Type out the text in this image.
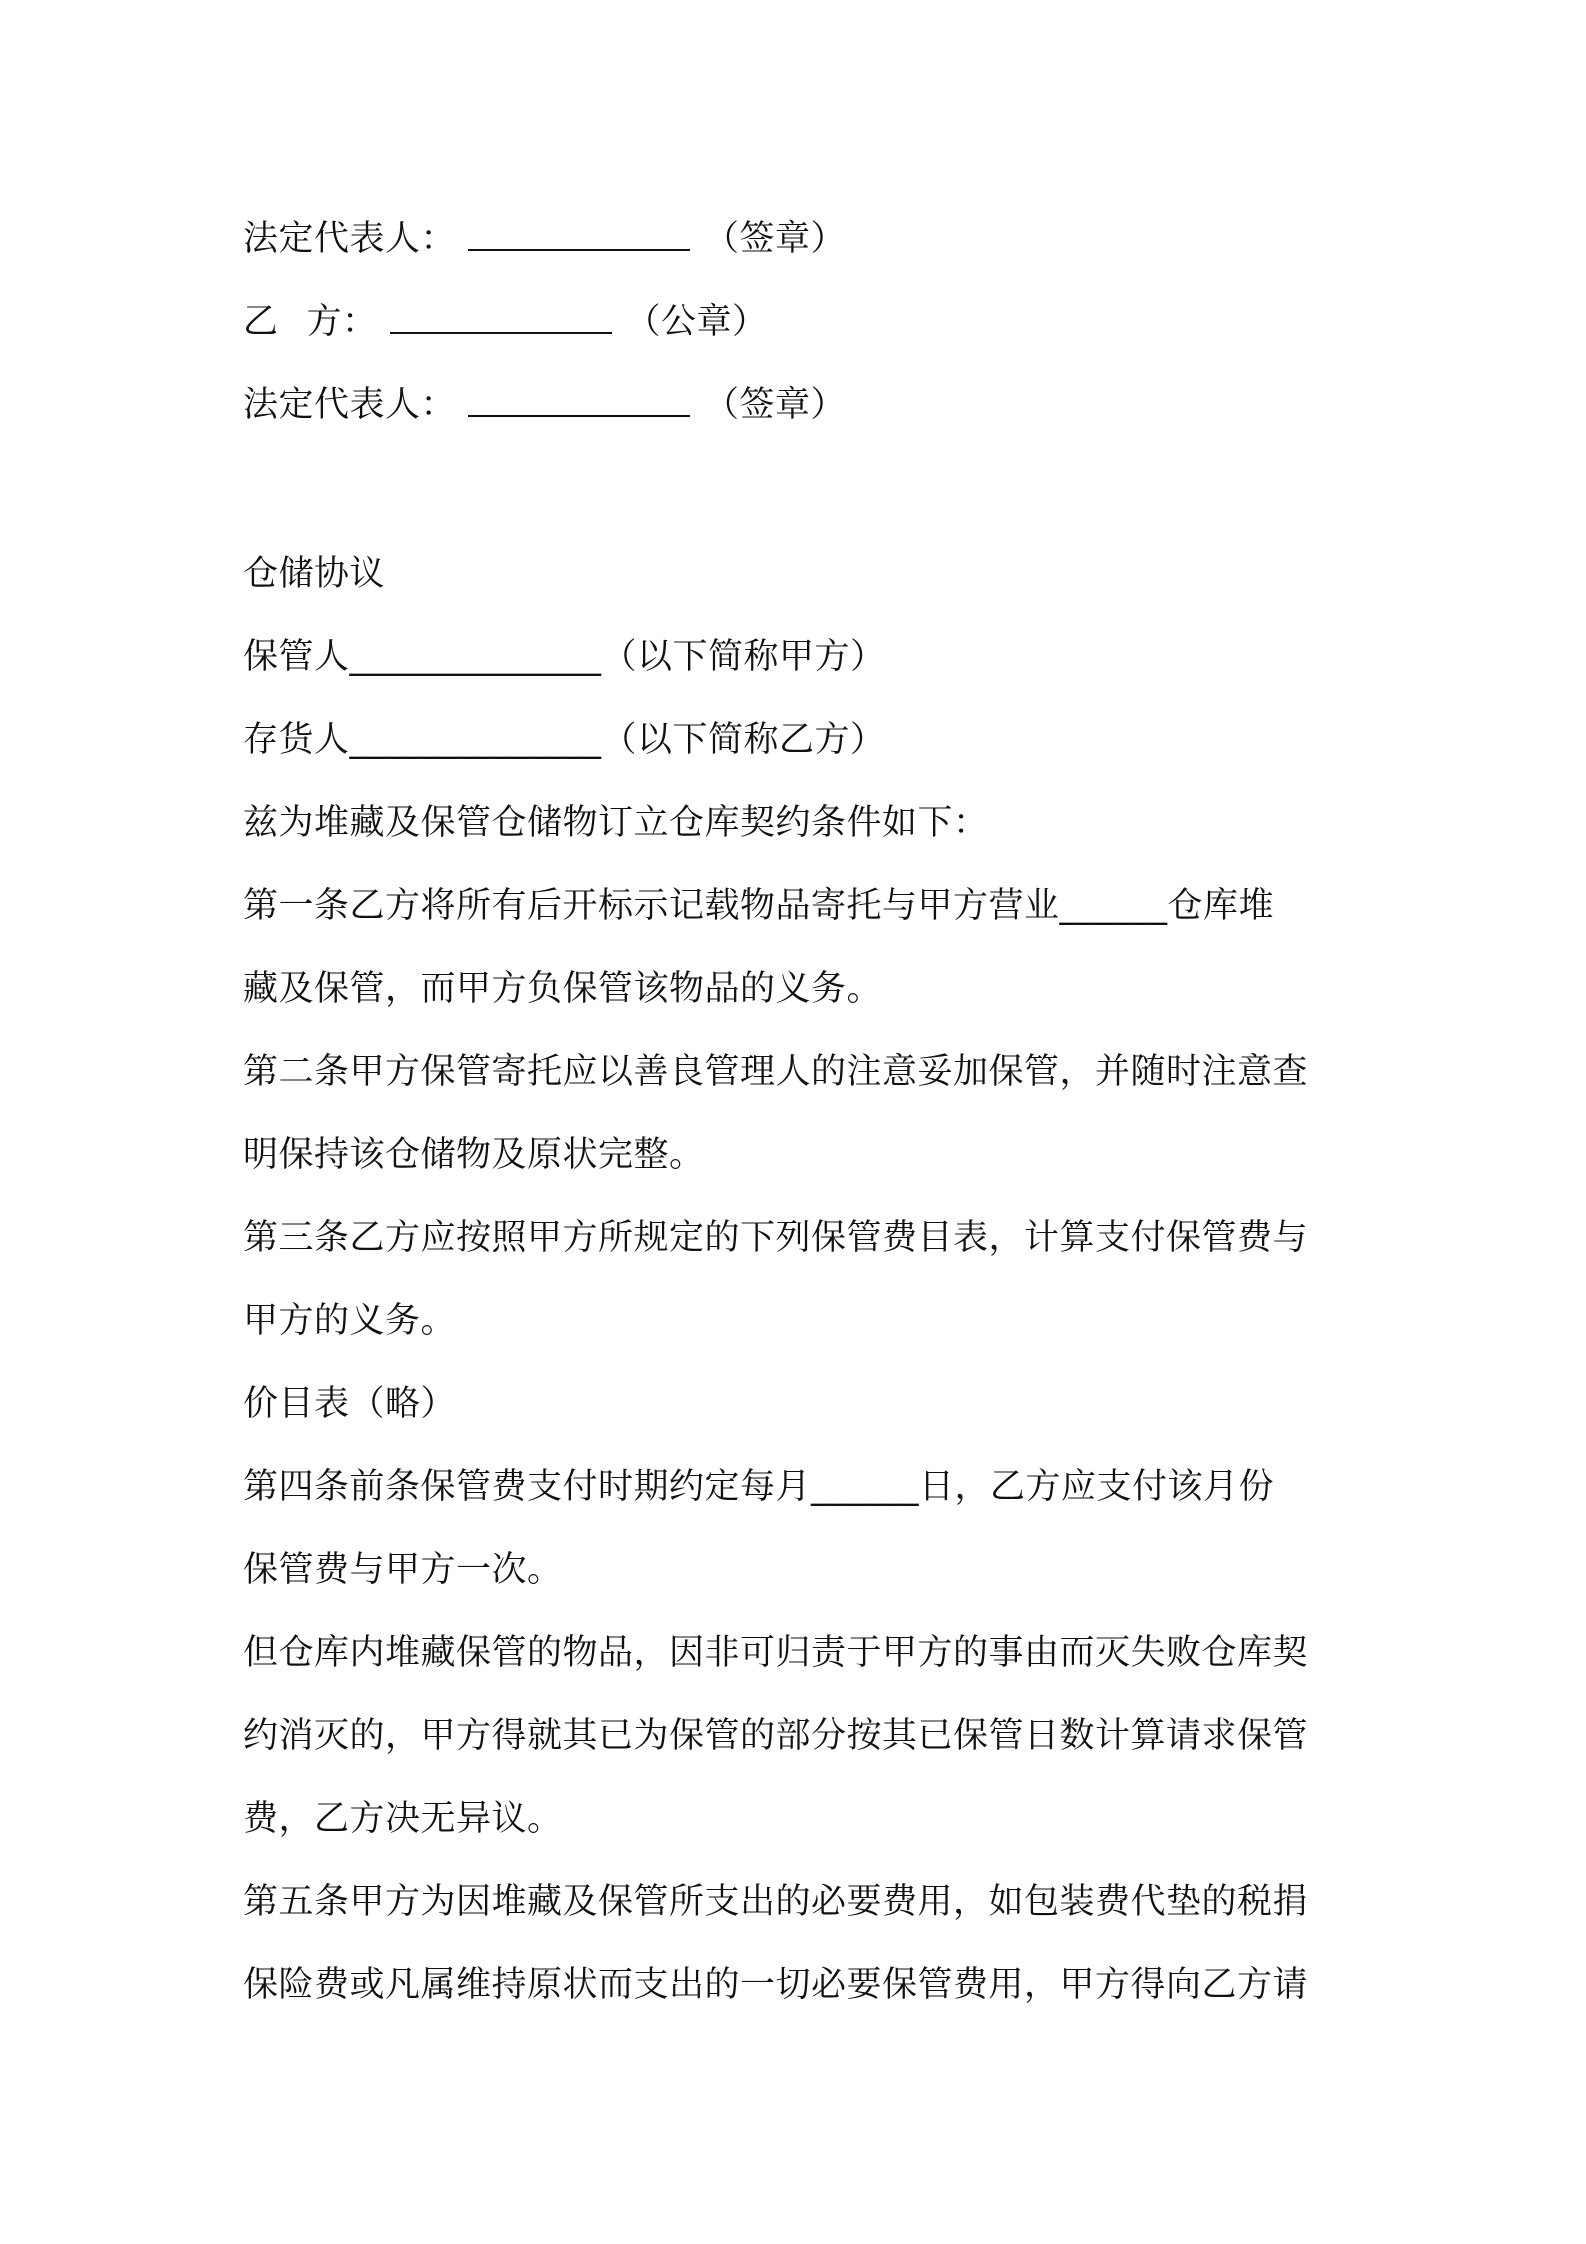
法定代表人：	（签章）
乙 方：	（公章）
法定代表人：	（签章）
仓储协议
保管人______________（以下简称甲方）
存货人______________（以下简称乙方）
兹为堆藏及保管仓储物订立仓库契约条件如下：
第一条乙方将所有后开标示记载物品寄托与甲方营业______仓库堆
藏及保管，而甲方负保管该物品的义务。
第二条甲方保管寄托应以善良管理人的注意妥加保管，并随时注意查
明保持该仓储物及原状完整。
第三条乙方应按照甲方所规定的下列保管费目表，计算支付保管费与
甲方的义务。
价目表（略）
第四条前条保管费支付时期约定每月______日，乙方应支付该月份
保管费与甲方一次。
但仓库内堆藏保管的物品，因非可归责于甲方的事由而灭失败仓库契
约消灭的，甲方得就其已为保管的部分按其已保管日数计算请求保管
费，乙方决无异议。
第五条甲方为因堆藏及保管所支出的必要费用，如包装费代垫的税捐
保险费或凡属维持原状而支出的一切必要保管费用，甲方得向乙方请
